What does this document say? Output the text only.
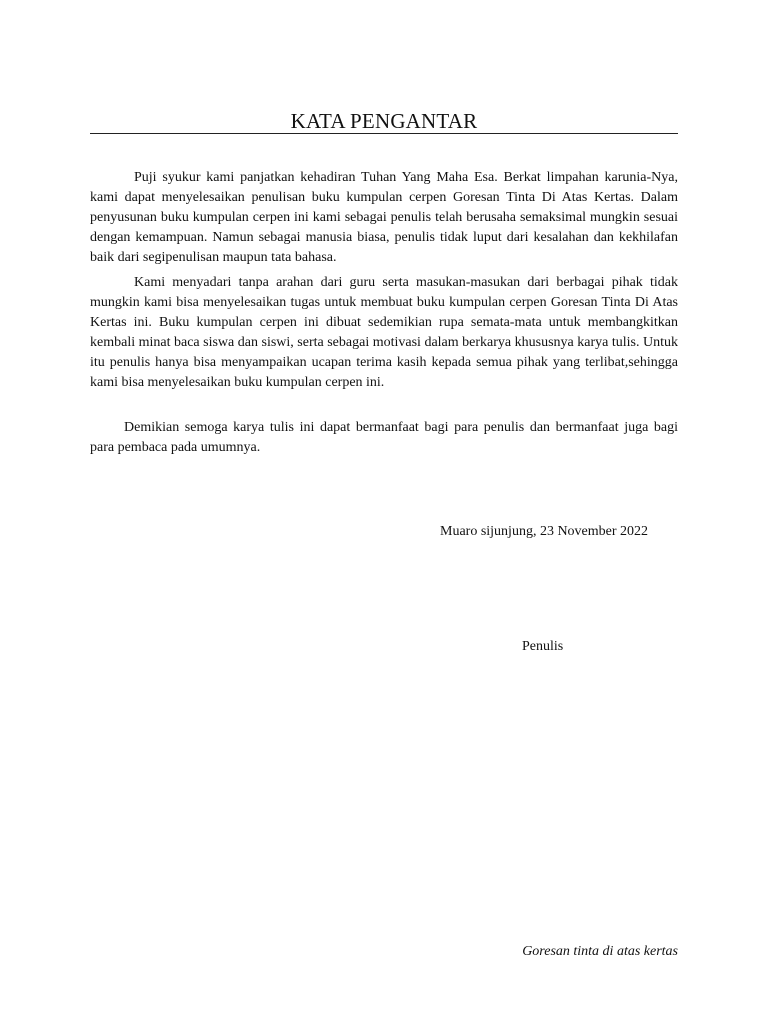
KATA PENGANTAR

Puji syukur kami panjatkan kehadiran Tuhan Yang Maha Esa. Berkat limpahan karunia-Nya, kami dapat menyelesaikan penulisan buku kumpulan cerpen Goresan Tinta Di Atas Kertas. Dalam penyusunan buku kumpulan cerpen ini kami sebagai penulis telah berusaha semaksimal mungkin sesuai dengan kemampuan. Namun sebagai manusia biasa, penulis tidak luput dari kesalahan dan kekhilafan baik dari segipenulisan maupun tata bahasa.

Kami menyadari tanpa arahan dari guru serta masukan-masukan dari berbagai pihak tidak mungkin kami bisa menyelesaikan tugas untuk membuat buku kumpulan cerpen Goresan Tinta Di Atas Kertas ini. Buku kumpulan cerpen ini dibuat sedemikian rupa semata-mata untuk membangkitkan kembali minat baca siswa dan siswi, serta sebagai motivasi dalam berkarya khususnya karya tulis. Untuk itu penulis hanya bisa menyampaikan ucapan terima kasih kepada semua pihak yang terlibat,sehingga kami bisa menyelesaikan buku kumpulan cerpen ini.

Demikian semoga karya tulis ini dapat bermanfaat bagi para penulis dan bermanfaat juga bagi para pembaca pada umumnya.

Muaro sijunjung, 23 November 2022
Penulis
Goresan tinta di atas kertas
